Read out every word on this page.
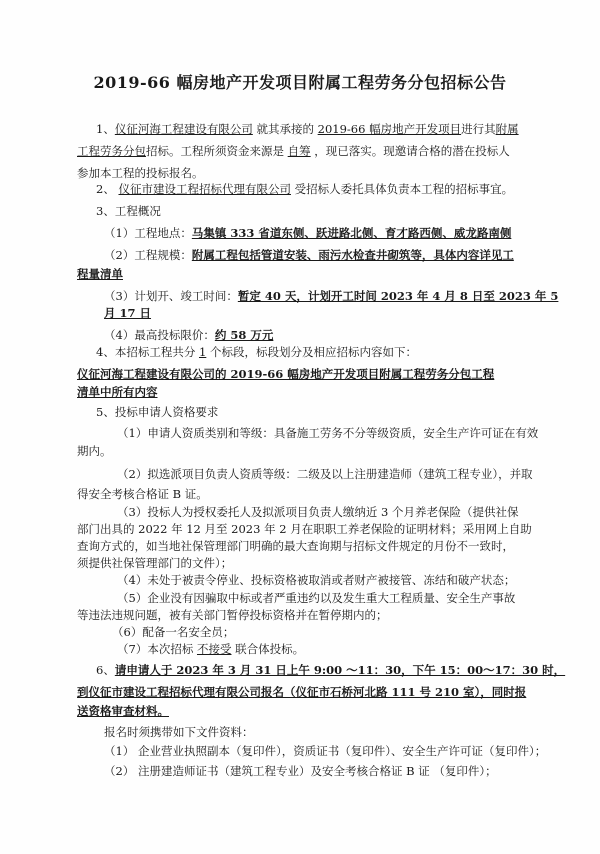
2019-66 幅房地产开发项目附属工程劳务分包招标公告
1、仪征河海工程建设有限公司 就其承接的 2019-66 幅房地产开发项目进行其附属
工程劳务分包招标。工程所须资金来源是 自筹 ，现已落实。现邀请合格的潜在投标人
参加本工程的投标报名。
2、 仪征市建设工程招标代理有限公司 受招标人委托具体负责本工程的招标事宜。
3、工程概况
（1）工程地点：马集镇 333 省道东侧、跃进路北侧、育才路西侧、威龙路南侧
（2）工程规模：附属工程包括管道安装、雨污水检查井砌筑等，具体内容详见工
程量清单
（3）计划开、竣工时间：暂定 40 天，计划开工时间 2023 年 4 月 8 日至 2023 年 5
月 17 日
（4）最高投标限价：约 58 万元
4、本招标工程共分 1 个标段，标段划分及相应招标内容如下：
仪征河海工程建设有限公司的 2019-66 幅房地产开发项目附属工程劳务分包工程
清单中所有内容
5、投标申请人资格要求
（1）申请人资质类别和等级：具备施工劳务不分等级资质，安全生产许可证在有效
期内。
（2）拟选派项目负责人资质等级：二级及以上注册建造师（建筑工程专业），并取
得安全考核合格证 B 证。
（3）投标人为授权委托人及拟派项目负责人缴纳近 3 个月养老保险（提供社保
部门出具的 2022 年 12 月至 2023 年 2 月在职职工养老保险的证明材料；采用网上自助
查询方式的，如当地社保管理部门明确的最大查询期与招标文件规定的月份不一致时，
须提供社保管理部门的文件）；
（4）未处于被责令停业、投标资格被取消或者财产被接管、冻结和破产状态；
（5）企业没有因骗取中标或者严重违约以及发生重大工程质量、安全生产事故
等违法违规问题，被有关部门暂停投标资格并在暂停期内的；
（6）配备一名安全员；
（7）本次招标 不接受 联合体投标。
6、请申请人于 2023 年 3 月 31 日上午 9:00 ～11：30，下午 15：00～17：30 时，
到仪征市建设工程招标代理有限公司报名（仪征市石桥河北路 111 号 210 室），同时报
送资格审查材料。
报名时须携带如下文件资料：
（1） 企业营业执照副本（复印件），资质证书（复印件）、安全生产许可证（复印件）；
（2） 注册建造师证书（建筑工程专业）及安全考核合格证 B 证 （复印件）；
